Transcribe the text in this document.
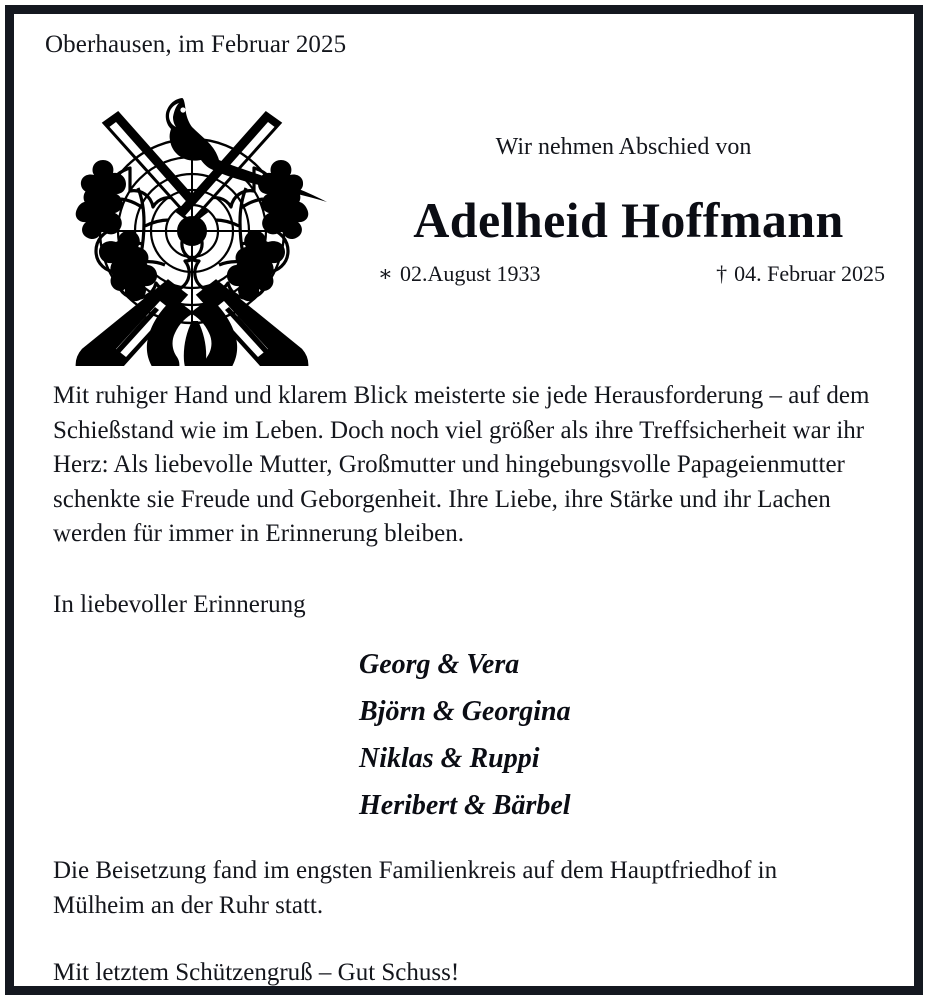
Oberhausen, im Februar 2025
Wir nehmen Abschied von
Adelheid Hoffmann
∗ 02.August 1933	† 04. Februar 2025
Mit ruhiger Hand und klarem Blick meisterte sie jede Herausforderung – auf dem Schießstand wie im Leben. Doch noch viel größer als ihre Treffsicherheit war ihr Herz: Als liebevolle Mutter, Großmutter und hingebungsvolle Papageienmutter schenkte sie Freude und Geborgenheit. Ihre Liebe, ihre Stärke und ihr Lachen werden für immer in Erinnerung bleiben.
In liebevoller Erinnerung
Georg & Vera
Björn & Georgina
Niklas & Ruppi
Heribert & Bärbel
Die Beisetzung fand im engsten Familienkreis auf dem Hauptfriedhof in Mülheim an der Ruhr statt.
Mit letztem Schützengruß – Gut Schuss!
